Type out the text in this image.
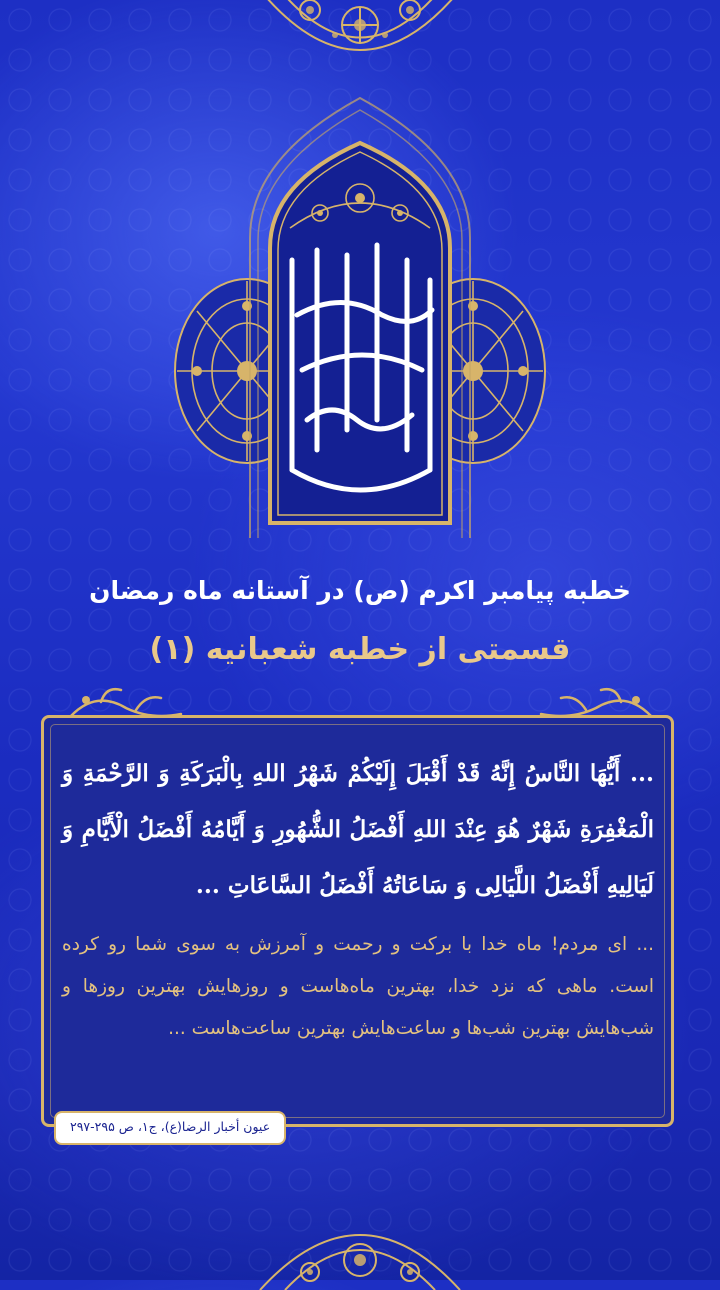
خطبه پیامبر اکرم (ص) در آستانه ماه رمضان
قسمتی از خطبه شعبانیه (۱)
... أَیُّهَا النَّاسُ إِنَّهُ قَدْ أَقْبَلَ إِلَیْکُمْ شَهْرُ اللهِ بِالْبَرَکَةِ وَ الرَّحْمَةِ وَ الْمَغْفِرَةِ شَهْرٌ هُوَ عِنْدَ اللهِ أَفْضَلُ الشُّهُورِ وَ أَیَّامُهُ أَفْضَلُ الْأَیَّامِ وَ لَیَالِیهِ أَفْضَلُ اللَّیَالِی وَ سَاعَاتُهُ أَفْضَلُ السَّاعَاتِ ...
... ای مردم! ماه خدا با برکت و رحمت و آمرزش به سوی شما رو کرده است. ماهی که نزد خدا، بهترین ماه‌هاست و روزهایش بهترین روزها و شب‌هایش بهترین شب‌ها و ساعت‌هایش بهترین ساعت‌هاست ...
عیون أخبار الرضا(ع)، ج۱، ص ۲۹۵-۲۹۷
